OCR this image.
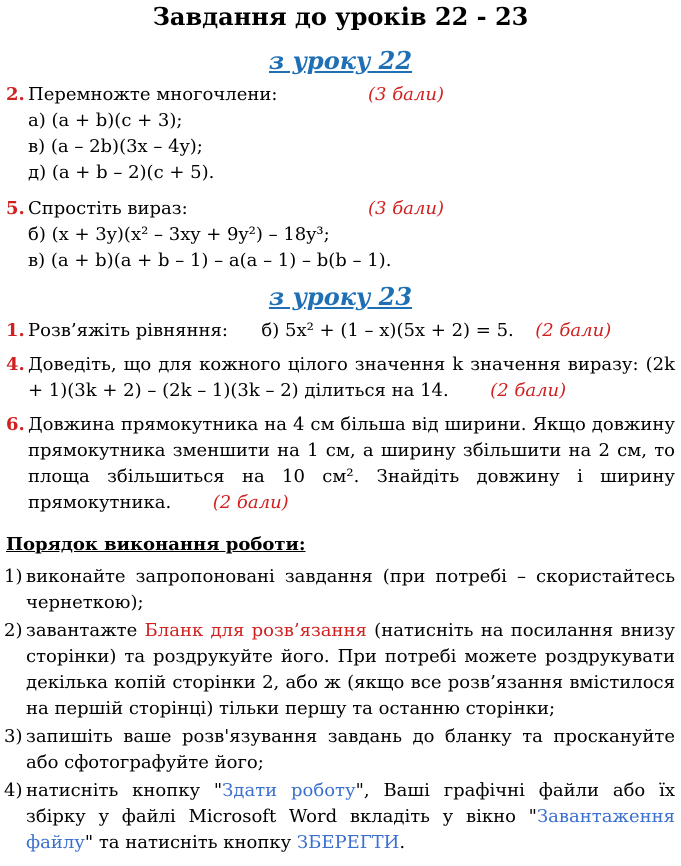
Завдання до уроків 22 - 23
з уроку 22
2. Перемножте многочлени:	(3 бали)
а) (a + b)(c + 3);
в) (a – 2b)(3x – 4y);
д) (a + b – 2)(c + 5).
5. Спростіть вираз:	(3 бали)
б) (x + 3y)(x² – 3xy + 9y²) – 18y³;
в) (a + b)(a + b – 1) – a(a – 1) – b(b – 1).
з уроку 23
1. Розв’яжіть рівняння: б) 5x² + (1 – x)(5x + 2) = 5. (2 бали)
4. Доведіть, що для кожного цілого значення k значення виразу: (2k + 1)(3k + 2) – (2k – 1)(3k – 2) ділиться на 14. (2 бали)
6. Довжина прямокутника на 4 см більша від ширини. Якщо довжину прямокутника зменшити на 1 см, а ширину збільшити на 2 см, то площа збільшиться на 10 см². Знайдіть довжину і ширину прямокутника. (2 бали)
Порядок виконання роботи:
1) виконайте запропоновані завдання (при потребі – скористайтесь чернеткою);
2) завантажте Бланк для розв’язання (натисніть на посилання внизу сторінки) та роздрукуйте його. При потребі можете роздрукувати декілька копій сторінки 2, або ж (якщо все розв’язання вмістилося на першій сторінці) тільки першу та останню сторінки;
3) запишіть ваше розв'язування завдань до бланку та проскануйте або сфотографуйте його;
4) натисніть кнопку "Здати роботу", Ваші графічні файли або їх збірку у файлі Microsoft Word вкладіть у вікно "Завантаження файлу" та натисніть кнопку ЗБЕРЕГТИ.
